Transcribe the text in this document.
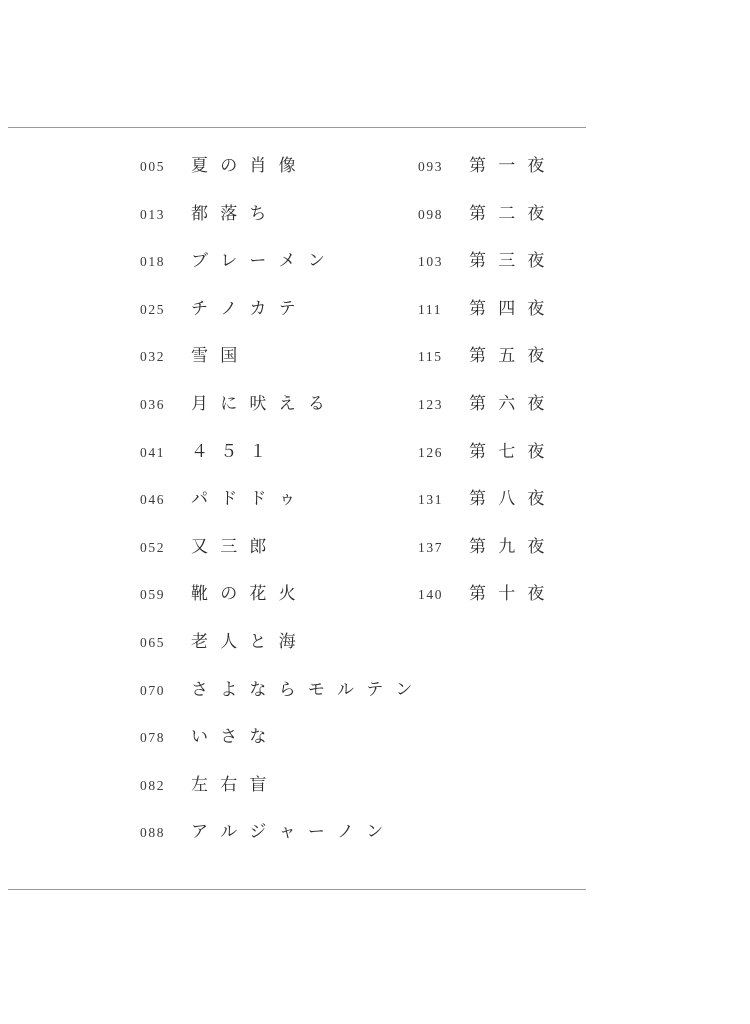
005	夏 の 肖 像
013	都 落 ち
018	ブ レ ー メ ン
025	チ ノ カ テ
032	雪 国
036	月 に 吠 え る
041	４ ５ １
046	パ ド ド ゥ
052	又 三 郎
059	靴 の 花 火
065	老 人 と 海
070	さ よ な ら モ ル テ ン
078	い さ な
082	左 右 盲
088	ア ル ジ ャ ー ノ ン
093	第 一 夜
098	第 二 夜
103	第 三 夜
111	第 四 夜
115	第 五 夜
123	第 六 夜
126	第 七 夜
131	第 八 夜
137	第 九 夜
140	第 十 夜
